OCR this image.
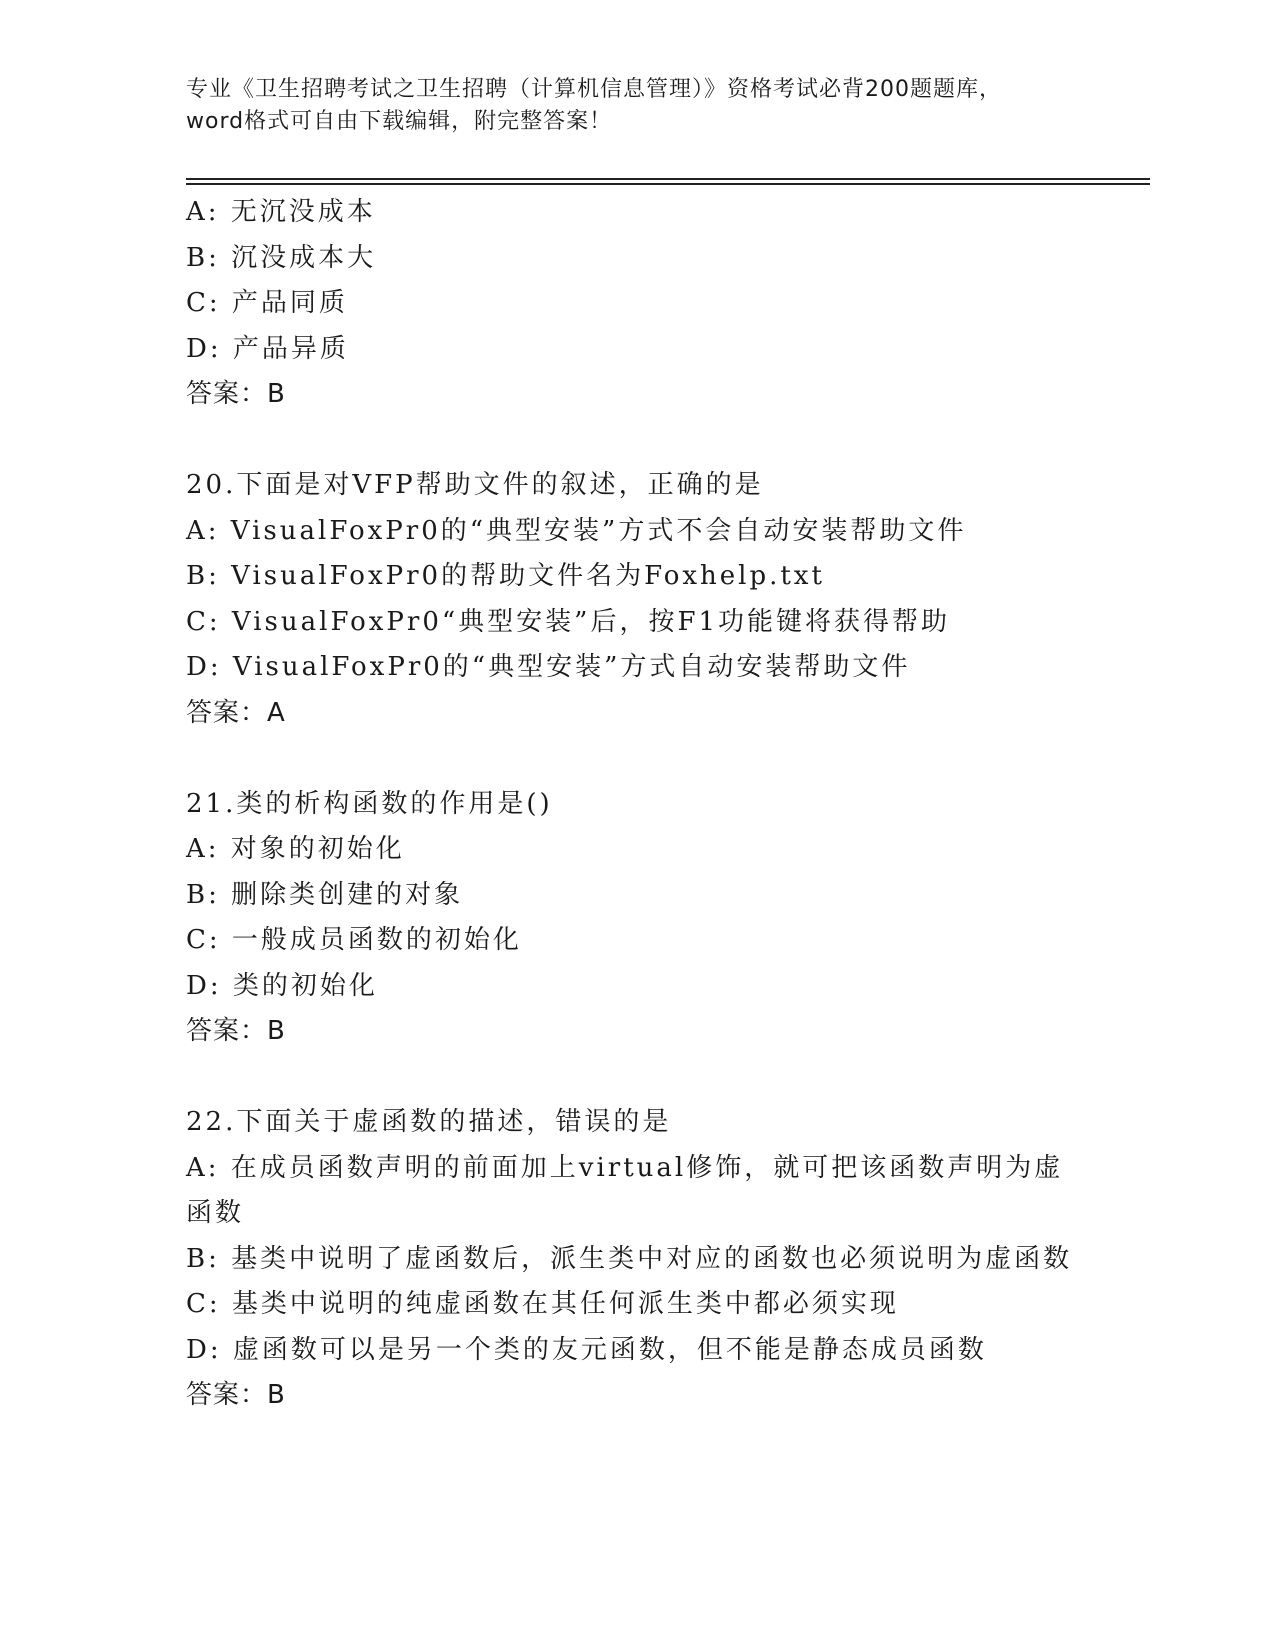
专业《卫生招聘考试之卫生招聘（计算机信息管理）》资格考试必背200题题库，
word格式可自由下载编辑，附完整答案！
A: 无沉没成本
B: 沉没成本大
C: 产品同质
D: 产品异质
答案：B
20.下面是对VFP帮助文件的叙述，正确的是
A: VisualFoxPr0的“典型安装”方式不会自动安装帮助文件
B: VisualFoxPr0的帮助文件名为Foxhelp.txt
C: VisualFoxPr0“典型安装”后，按F1功能键将获得帮助
D: VisualFoxPr0的“典型安装”方式自动安装帮助文件
答案：A
21.类的析构函数的作用是()
A: 对象的初始化
B: 删除类创建的对象
C: 一般成员函数的初始化
D: 类的初始化
答案：B
22.下面关于虚函数的描述，错误的是
A: 在成员函数声明的前面加上virtual修饰，就可把该函数声明为虚函数
B: 基类中说明了虚函数后，派生类中对应的函数也必须说明为虚函数
C: 基类中说明的纯虚函数在其任何派生类中都必须实现
D: 虚函数可以是另一个类的友元函数，但不能是静态成员函数
答案：B
